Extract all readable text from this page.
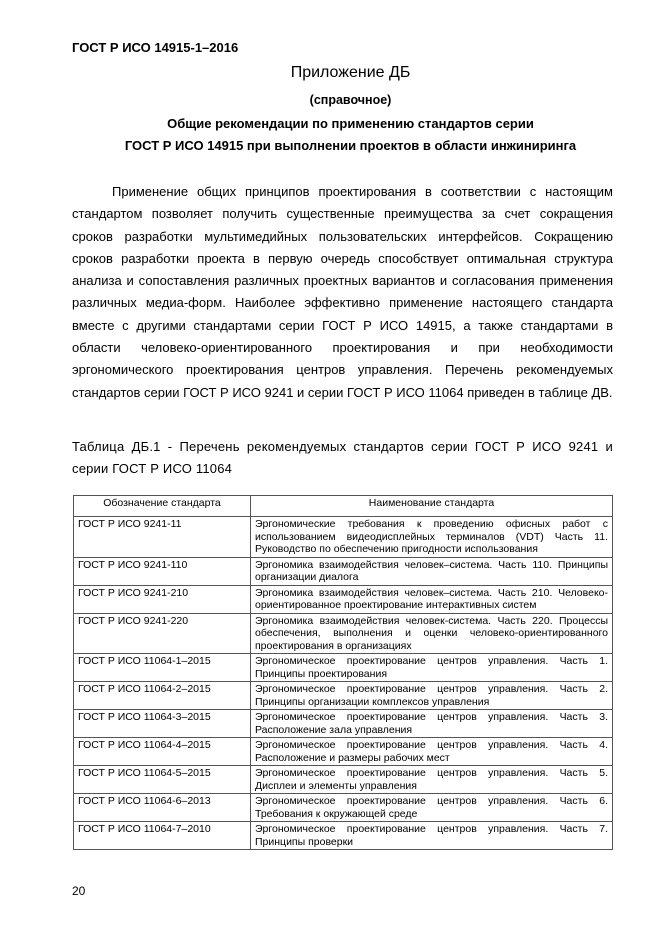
ГОСТ Р ИСО 14915-1–2016
Приложение ДБ
(справочное)
Общие рекомендации по применению стандартов серии
ГОСТ Р ИСО 14915 при выполнении проектов в области инжиниринга
Применение общих принципов проектирования в соответствии с настоящим стандартом позволяет получить существенные преимущества за счет сокращения сроков разработки мультимедийных пользовательских интерфейсов. Сокращению сроков разработки проекта в первую очередь способствует оптимальная структура анализа и сопоставления различных проектных вариантов и согласования применения различных медиа-форм. Наиболее эффективно применение настоящего стандарта вместе с другими стандартами серии ГОСТ Р ИСО 14915, а также стандартами в области человеко-ориентированного проектирования и при необходимости эргономического проектирования центров управления. Перечень рекомендуемых стандартов серии ГОСТ Р ИСО 9241 и серии ГОСТ Р ИСО 11064 приведен в таблице ДВ.
Таблица ДБ.1 - Перечень рекомендуемых стандартов серии ГОСТ Р ИСО 9241 и серии ГОСТ Р ИСО 11064
Обозначение стандарта	Наименование стандарта
ГОСТ Р ИСО 9241-11	Эргономические требования к проведению офисных работ с использованием видеодисплейных терминалов (VDT) Часть 11. Руководство по обеспечению пригодности использования
ГОСТ Р ИСО 9241-110	Эргономика взаимодействия человек–система. Часть 110. Принципы организации диалога
ГОСТ Р ИСО 9241-210	Эргономика взаимодействия человек–система. Часть 210. Человеко-ориентированное проектирование интерактивных систем
ГОСТ Р ИСО 9241-220	Эргономика взаимодействия человек-система. Часть 220. Процессы обеспечения, выполнения и оценки человеко-ориентированного проектирования в организациях
ГОСТ Р ИСО 11064-1–2015	Эргономическое проектирование центров управления. Часть 1. Принципы проектирования
ГОСТ Р ИСО 11064-2–2015	Эргономическое проектирование центров управления. Часть 2. Принципы организации комплексов управления
ГОСТ Р ИСО 11064-3–2015	Эргономическое проектирование центров управления. Часть 3. Расположение зала управления
ГОСТ Р ИСО 11064-4–2015	Эргономическое проектирование центров управления. Часть 4. Расположение и размеры рабочих мест
ГОСТ Р ИСО 11064-5–2015	Эргономическое проектирование центров управления. Часть 5. Дисплеи и элементы управления
ГОСТ Р ИСО 11064-6–2013	Эргономическое проектирование центров управления. Часть 6. Требования к окружающей среде
ГОСТ Р ИСО 11064-7–2010	Эргономическое проектирование центров управления. Часть 7. Принципы проверки
20
